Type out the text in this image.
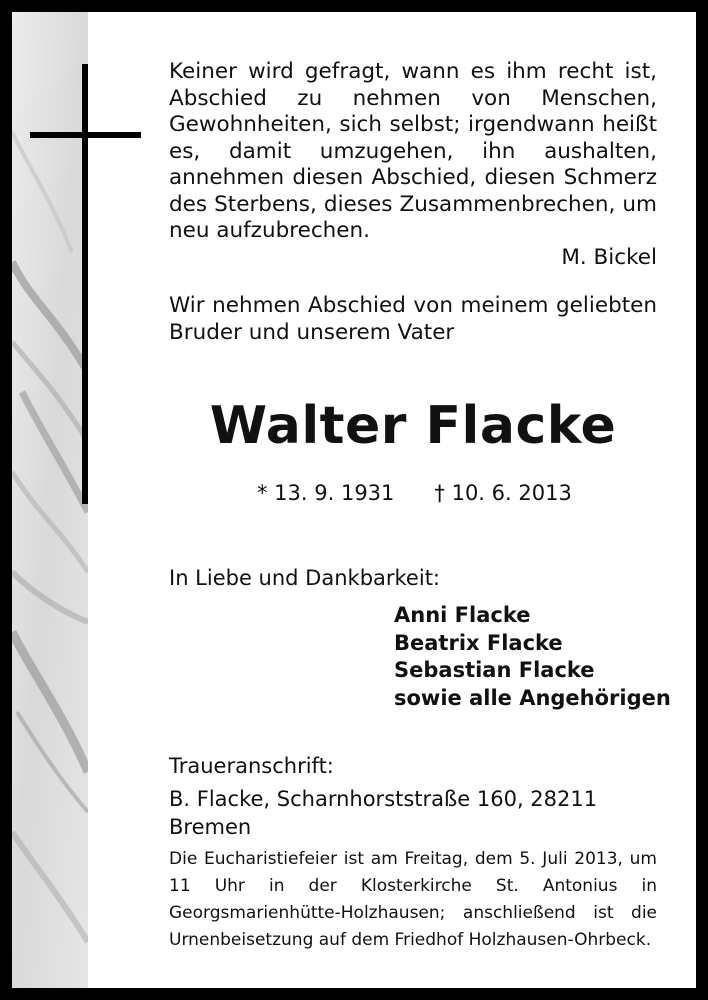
Keiner wird gefragt, wann es ihm recht ist, Abschied zu nehmen von Menschen, Gewohnheiten, sich selbst; irgendwann heißt es, damit umzugehen, ihn aushalten, annehmen diesen Abschied, diesen Schmerz des Sterbens, dieses Zusammenbrechen, um neu aufzubrechen.

M. Bickel
Wir nehmen Abschied von meinem geliebten Bruder und unserem Vater
Walter Flacke
* 13. 9. 1931 † 10. 6. 2013
In Liebe und Dankbarkeit:
Anni Flacke
Beatrix Flacke
Sebastian Flacke
sowie alle Angehörigen
Traueranschrift:
B. Flacke, Scharnhorststraße 160, 28211 Bremen

Die Eucharistiefeier ist am Freitag, dem 5. Juli 2013, um 11 Uhr in der Klosterkirche St. Antonius in Georgsmarienhütte-Holzhausen; anschließend ist die Urnenbeisetzung auf dem Friedhof Holzhausen-Ohrbeck.
